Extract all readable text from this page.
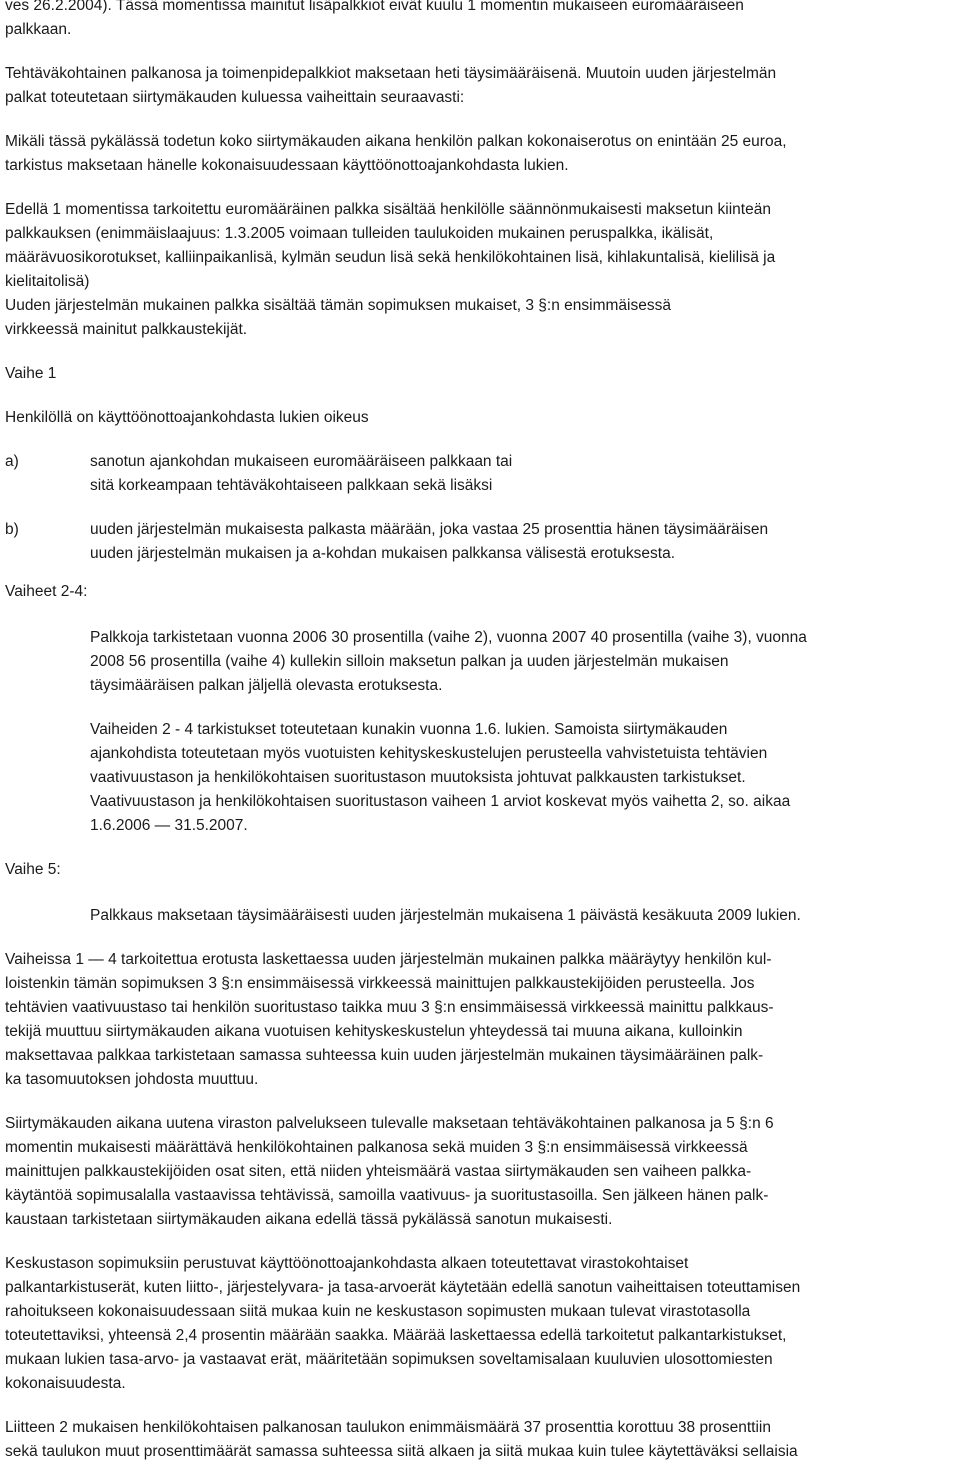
ves 26.2.2004). Tässä momentissa mainitut lisäpalkkiot eivät kuulu 1 momentin mukaiseen euromääräiseen
palkkaan.
Tehtäväkohtainen palkanosa ja toimenpidepalkkiot maksetaan heti täysimääräisenä. Muutoin uuden järjestelmän
palkat toteutetaan siirtymäkauden kuluessa vaiheittain seuraavasti:
Mikäli tässä pykälässä todetun koko siirtymäkauden aikana henkilön palkan kokonaiserotus on enintään 25 euroa,
tarkistus maksetaan hänelle kokonaisuudessaan käyttöönottoajankohdasta lukien.
Edellä 1 momentissa tarkoitettu euromääräinen palkka sisältää henkilölle säännönmukaisesti maksetun kiinteän
palkkauksen (enimmäislaajuus: 1.3.2005 voimaan tulleiden taulukoiden mukainen peruspalkka, ikälisät,
määrävuosikorotukset, kalliinpaikanlisä, kylmän seudun lisä sekä henkilökohtainen lisä, kihlakuntalisä, kielilisä ja
kielitaitolisä)
Uuden järjestelmän mukainen palkka sisältää tämän sopimuksen mukaiset, 3 §:n ensimmäisessä
virkkeessä mainitut palkkaustekijät.
Vaihe 1
Henkilöllä on käyttöönottoajankohdasta lukien oikeus
a)	sanotun ajankohdan mukaiseen euromääräiseen palkkaan tai
sitä korkeampaan tehtäväkohtaiseen palkkaan sekä lisäksi
b)	uuden järjestelmän mukaisesta palkasta määrään, joka vastaa 25 prosenttia hänen täysimääräisen
uuden järjestelmän mukaisen ja a-kohdan mukaisen palkkansa välisestä erotuksesta.
Vaiheet 2-4:
Palkkoja tarkistetaan vuonna 2006 30 prosentilla (vaihe 2), vuonna 2007 40 prosentilla (vaihe 3), vuonna
2008 56 prosentilla (vaihe 4) kullekin silloin maksetun palkan ja uuden järjestelmän mukaisen
täysimääräisen palkan jäljellä olevasta erotuksesta.
Vaiheiden 2 - 4 tarkistukset toteutetaan kunakin vuonna 1.6. lukien. Samoista siirtymäkauden
ajankohdista toteutetaan myös vuotuisten kehityskeskustelujen perusteella vahvistetuista tehtävien
vaativuustason ja henkilökohtaisen suoritustason muutoksista johtuvat palkkausten tarkistukset.
Vaativuustason ja henkilökohtaisen suoritustason vaiheen 1 arviot koskevat myös vaihetta 2, so. aikaa
1.6.2006 — 31.5.2007.
Vaihe 5:
Palkkaus maksetaan täysimääräisesti uuden järjestelmän mukaisena 1 päivästä kesäkuuta 2009 lukien.
Vaiheissa 1 — 4 tarkoitettua erotusta laskettaessa uuden järjestelmän mukainen palkka määräytyy henkilön kul-
loistenkin tämän sopimuksen 3 §:n ensimmäisessä virkkeessä mainittujen palkkaustekijöiden perusteella. Jos
tehtävien vaativuustaso tai henkilön suoritustaso taikka muu 3 §:n ensimmäisessä virkkeessä mainittu palkkaus-
tekijä muuttuu siirtymäkauden aikana vuotuisen kehityskeskustelun yhteydessä tai muuna aikana, kulloinkin
maksettavaa palkkaa tarkistetaan samassa suhteessa kuin uuden järjestelmän mukainen täysimääräinen palk-
ka tasomuutoksen johdosta muuttuu.
Siirtymäkauden aikana uutena viraston palvelukseen tulevalle maksetaan tehtäväkohtainen palkanosa ja 5 §:n 6
momentin mukaisesti määrättävä henkilökohtainen palkanosa sekä muiden 3 §:n ensimmäisessä virkkeessä
mainittujen palkkaustekijöiden osat siten, että niiden yhteismäärä vastaa siirtymäkauden sen vaiheen palkka-
käytäntöä sopimusalalla vastaavissa tehtävissä, samoilla vaativuus- ja suoritustasoilla. Sen jälkeen hänen palk-
kaustaan tarkistetaan siirtymäkauden aikana edellä tässä pykälässä sanotun mukaisesti.
Keskustason sopimuksiin perustuvat käyttöönottoajankohdasta alkaen toteutettavat virastokohtaiset
palkantarkistuserät, kuten liitto-, järjestelyvara- ja tasa-arvoerät käytetään edellä sanotun vaiheittaisen toteuttamisen
rahoitukseen kokonaisuudessaan siitä mukaa kuin ne keskustason sopimusten mukaan tulevat virastotasolla
toteutettaviksi, yhteensä 2,4 prosentin määrään saakka. Määrää laskettaessa edellä tarkoitetut palkantarkistukset,
mukaan lukien tasa-arvo- ja vastaavat erät, määritetään sopimuksen soveltamisalaan kuuluvien ulosottomiesten
kokonaisuudesta.
Liitteen 2 mukaisen henkilökohtaisen palkanosan taulukon enimmäismäärä 37 prosenttia korottuu 38 prosenttiin
sekä taulukon muut prosenttimäärät samassa suhteessa siitä alkaen ja siitä mukaa kuin tulee käytettäväksi sellaisia
